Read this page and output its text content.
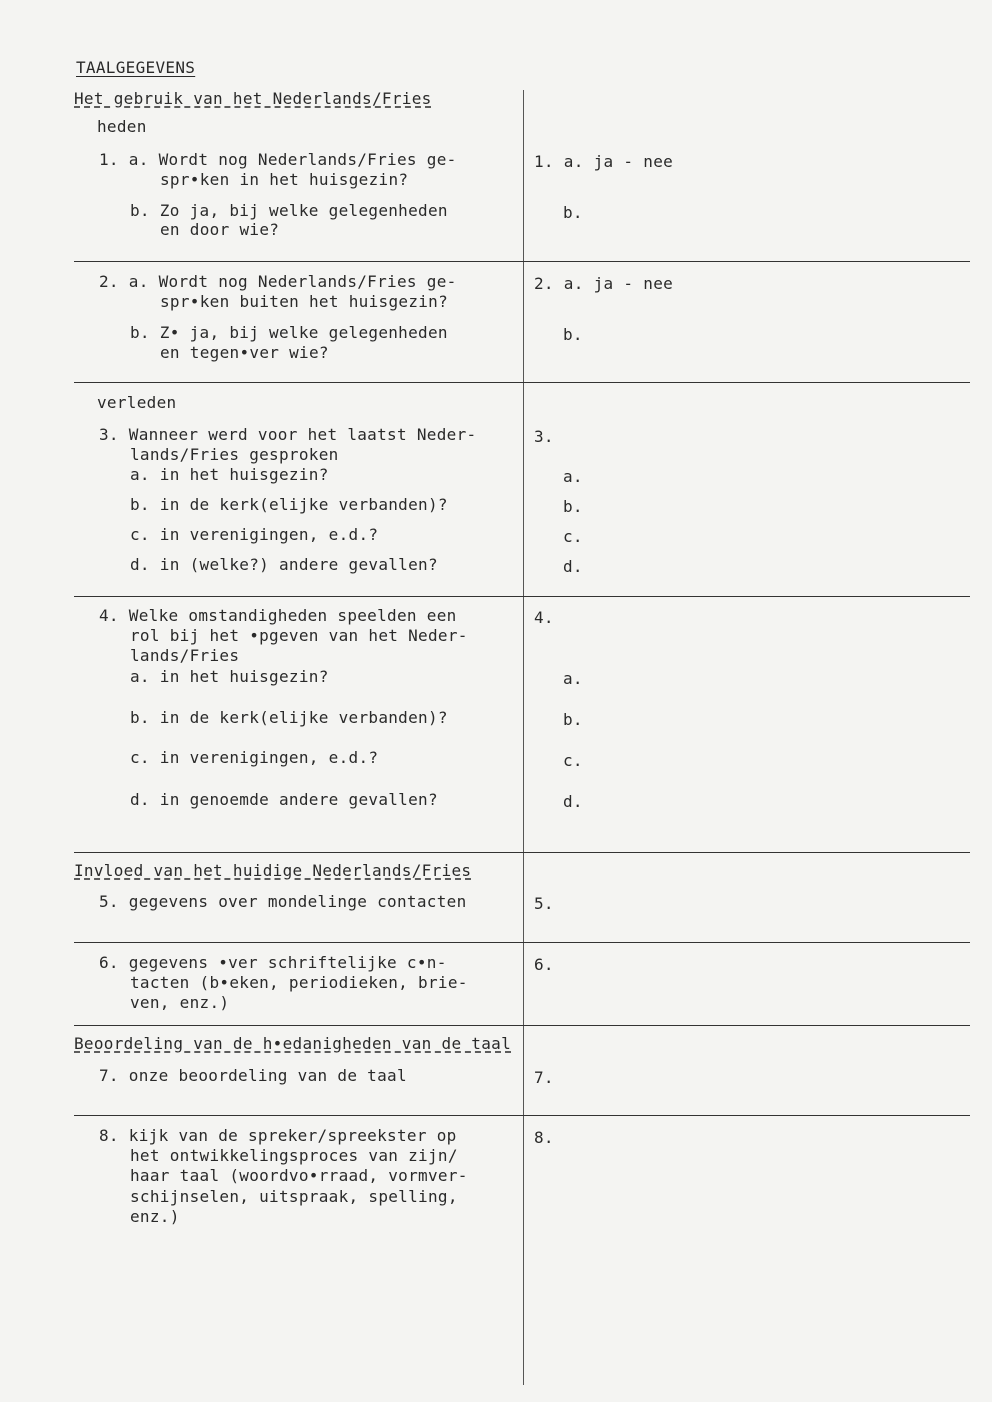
TAALGEGEVENS
Het gebruik van het Nederlands/Fries
heden
1. a. Wordt nog Nederlands/Fries ge-
spr•ken in het huisgezin?
b. Zo ja, bij welke gelegenheden
en door wie?
1. a. ja - nee
b.
2. a. Wordt nog Nederlands/Fries ge-
spr•ken buiten het huisgezin?
b. Z• ja, bij welke gelegenheden
en tegen•ver wie?
2. a. ja - nee
b.
verleden
3. Wanneer werd voor het laatst Neder-
lands/Fries gesproken
a. in het huisgezin?
b. in de kerk(elijke verbanden)?
c. in verenigingen, e.d.?
d. in (welke?) andere gevallen?
3.
a.
b.
c.
d.
4. Welke omstandigheden speelden een
rol bij het •pgeven van het Neder-
lands/Fries
a. in het huisgezin?
b. in de kerk(elijke verbanden)?
c. in verenigingen, e.d.?
d. in genoemde andere gevallen?
4.
a.
b.
c.
d.
Invloed van het huidige Nederlands/Fries
5. gegevens over mondelinge contacten	5.
6. gegevens •ver schriftelijke c•n-
tacten (b•eken, periodieken, brie-
ven, enz.)
6.
Beoordeling van de h•edanigheden van de taal
7. onze beoordeling van de taal	7.
8. kijk van de spreker/spreekster op
het ontwikkelingsproces van zijn/
haar taal (woordvo•rraad, vormver-
schijnselen, uitspraak, spelling,
enz.)
8.
